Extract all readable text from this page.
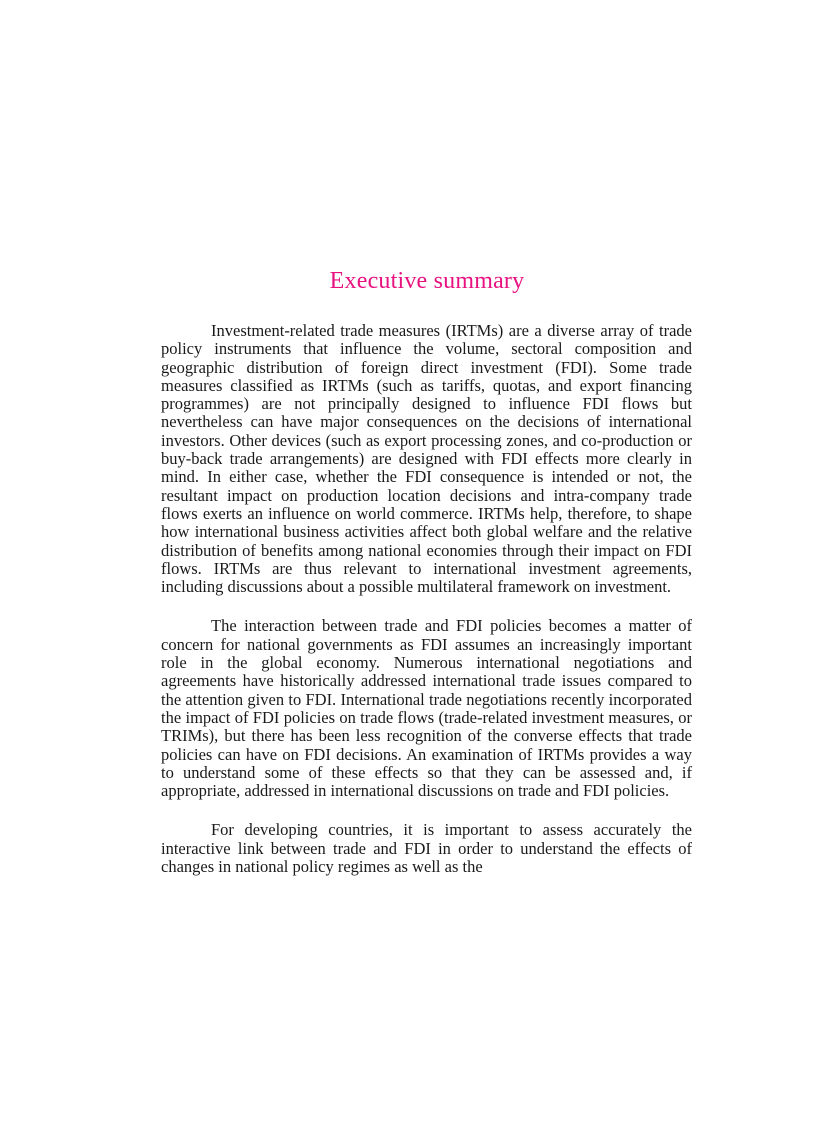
Executive summary

Investment-related trade measures (IRTMs) are a diverse array of trade policy instruments that influence the volume, sectoral composition and geographic distribution of foreign direct investment (FDI). Some trade measures classified as IRTMs (such as tariffs, quotas, and export financing programmes) are not principally designed to influence FDI flows but nevertheless can have major consequences on the decisions of international investors. Other devices (such as export processing zones, and co-production or buy-back trade arrangements) are designed with FDI effects more clearly in mind. In either case, whether the FDI consequence is intended or not, the resultant impact on production location decisions and intra-company trade flows exerts an influence on world commerce. IRTMs help, therefore, to shape how international business activities affect both global welfare and the relative distribution of benefits among national economies through their impact on FDI flows. IRTMs are thus relevant to international investment agreements, including discussions about a possible multilateral framework on investment.

The interaction between trade and FDI policies becomes a matter of concern for national governments as FDI assumes an increasingly important role in the global economy. Numerous international negotiations and agreements have historically addressed international trade issues compared to the attention given to FDI. International trade negotiations recently incorporated the impact of FDI policies on trade flows (trade-related investment measures, or TRIMs), but there has been less recognition of the converse effects that trade policies can have on FDI decisions. An examination of IRTMs provides a way to understand some of these effects so that they can be assessed and, if appropriate, addressed in international discussions on trade and FDI policies.

For developing countries, it is important to assess accurately the interactive link between trade and FDI in order to understand the effects of changes in national policy regimes as well as the
